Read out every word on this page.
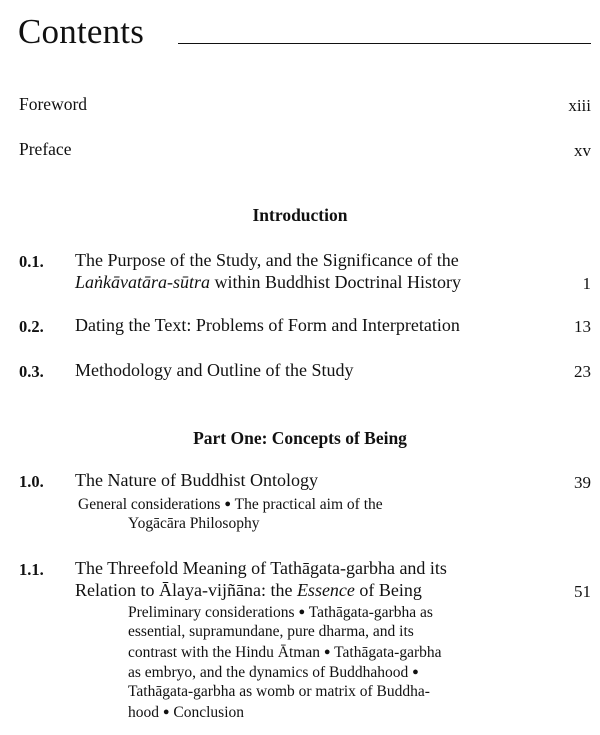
Contents
Foreword	xiii
Preface	xv
Introduction
0.1. The Purpose of the Study, and the Significance of the
Laṅkāvatāra-sūtra within Buddhist Doctrinal History	1
0.2. Dating the Text: Problems of Form and Interpretation	13
0.3. Methodology and Outline of the Study	23
Part One: Concepts of Being
1.0. The Nature of Buddhist Ontology	39
General considerations ● The practical aim of the
Yogācāra Philosophy
1.1. The Threefold Meaning of Tathāgata-garbha and its
Relation to Ālaya-vijñāna: the Essence of Being	51
Preliminary considerations ● Tathāgata-garbha as
essential, supramundane, pure dharma, and its
contrast with the Hindu Ātman ● Tathāgata-garbha
as embryo, and the dynamics of Buddhahood ●
Tathāgata-garbha as womb or matrix of Buddha-
hood ● Conclusion
